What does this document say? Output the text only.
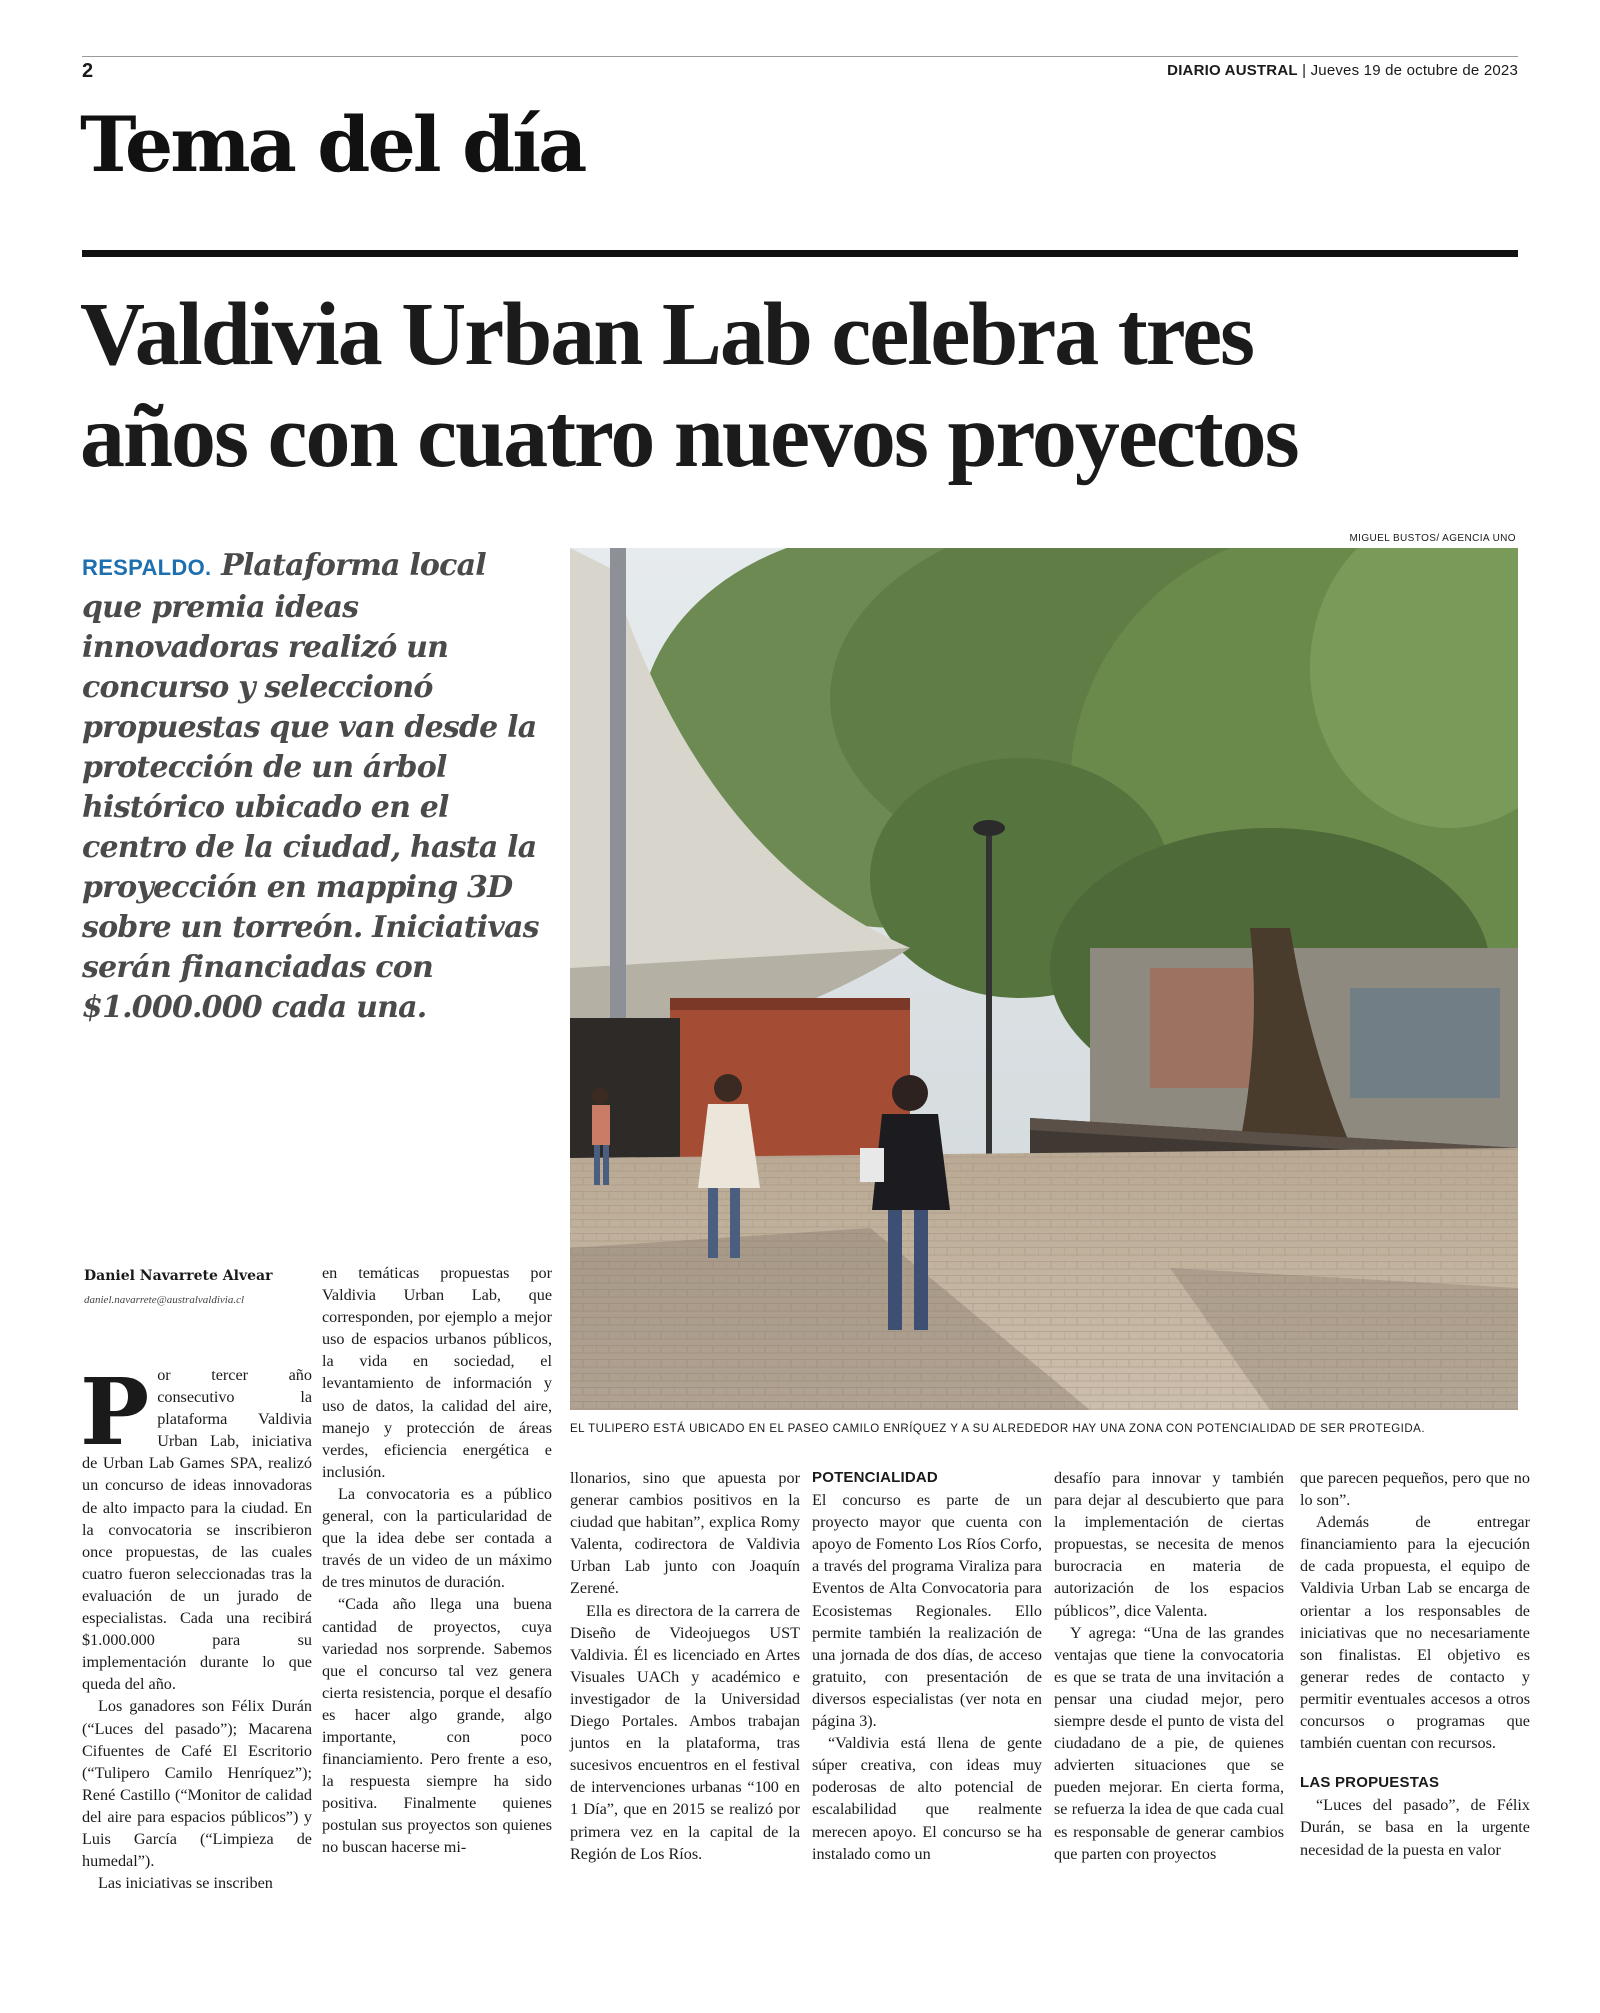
2	DIARIO AUSTRAL | Jueves 19 de octubre de 2023
Tema del día
Valdivia Urban Lab celebra tres
años con cuatro nuevos proyectos
MIGUEL BUSTOS/ AGENCIA UNO
RESPALDO. Plataforma local que premia ideas innovadoras realizó un concurso y seleccionó propuestas que van desde la protección de un árbol histórico ubicado en el centro de la ciudad, hasta la proyección en mapping 3D sobre un torreón. Iniciativas serán financiadas con $1.000.000 cada una.
EL TULIPERO ESTÁ UBICADO EN EL PASEO CAMILO ENRÍQUEZ Y A SU ALREDEDOR HAY UNA ZONA CON POTENCIALIDAD DE SER PROTEGIDA.
Daniel Navarrete Alvear
daniel.navarrete@australvaldivia.cl

Por tercer año consecutivo la plataforma Valdivia Urban Lab, iniciativa de Urban Lab Games SPA, realizó un concurso de ideas innovadoras de alto impacto para la ciudad. En la convocatoria se inscribieron once propuestas, de las cuales cuatro fueron seleccionadas tras la evaluación de un jurado de especialistas. Cada una recibirá $1.000.000 para su implementación durante lo que queda del año.

Los ganadores son Félix Durán (“Luces del pasado”); Macarena Cifuentes de Café El Escritorio (“Tulipero Camilo Henríquez”); René Castillo (“Monitor de calidad del aire para espacios públicos”) y Luis García (“Limpieza de humedal”).

Las iniciativas se inscriben

en temáticas propuestas por Valdivia Urban Lab, que corresponden, por ejemplo a mejor uso de espacios urbanos públicos, la vida en sociedad, el levantamiento de información y uso de datos, la calidad del aire, manejo y protección de áreas verdes, eficiencia energética e inclusión.

La convocatoria es a público general, con la particularidad de que la idea debe ser contada a través de un video de un máximo de tres minutos de duración.

“Cada año llega una buena cantidad de proyectos, cuya variedad nos sorprende. Sabemos que el concurso tal vez genera cierta resistencia, porque el desafío es hacer algo grande, algo importante, con poco financiamiento. Pero frente a eso, la respuesta siempre ha sido positiva. Finalmente quienes postulan sus proyectos son quienes no buscan hacerse mi-

llonarios, sino que apuesta por generar cambios positivos en la ciudad que habitan”, explica Romy Valenta, codirectora de Valdivia Urban Lab junto con Joaquín Zerené.

Ella es directora de la carrera de Diseño de Videojuegos UST Valdivia. Él es licenciado en Artes Visuales UACh y académico e investigador de la Universidad Diego Portales. Ambos trabajan juntos en la plataforma, tras sucesivos encuentros en el festival de intervenciones urbanas “100 en 1 Día”, que en 2015 se realizó por primera vez en la capital de la Región de Los Ríos.

POTENCIALIDAD

El concurso es parte de un proyecto mayor que cuenta con apoyo de Fomento Los Ríos Corfo, a través del programa Viraliza para Eventos de Alta Convocatoria para Ecosistemas Regionales. Ello permite también la realización de una jornada de dos días, de acceso gratuito, con presentación de diversos especialistas (ver nota en página 3).

“Valdivia está llena de gente súper creativa, con ideas muy poderosas de alto potencial de escalabilidad que realmente merecen apoyo. El concurso se ha instalado como un

desafío para innovar y también para dejar al descubierto que para la implementación de ciertas propuestas, se necesita de menos burocracia en materia de autorización de los espacios públicos”, dice Valenta.

Y agrega: “Una de las grandes ventajas que tiene la convocatoria es que se trata de una invitación a pensar una ciudad mejor, pero siempre desde el punto de vista del ciudadano de a pie, de quienes advierten situaciones que se pueden mejorar. En cierta forma, se refuerza la idea de que cada cual es responsable de generar cambios que parten con proyectos

que parecen pequeños, pero que no lo son”.

Además de entregar financiamiento para la ejecución de cada propuesta, el equipo de Valdivia Urban Lab se encarga de orientar a los responsables de iniciativas que no necesariamente son finalistas. El objetivo es generar redes de contacto y permitir eventuales accesos a otros concursos o programas que también cuentan con recursos.

LAS PROPUESTAS

“Luces del pasado”, de Félix Durán, se basa en la urgente necesidad de la puesta en valor
